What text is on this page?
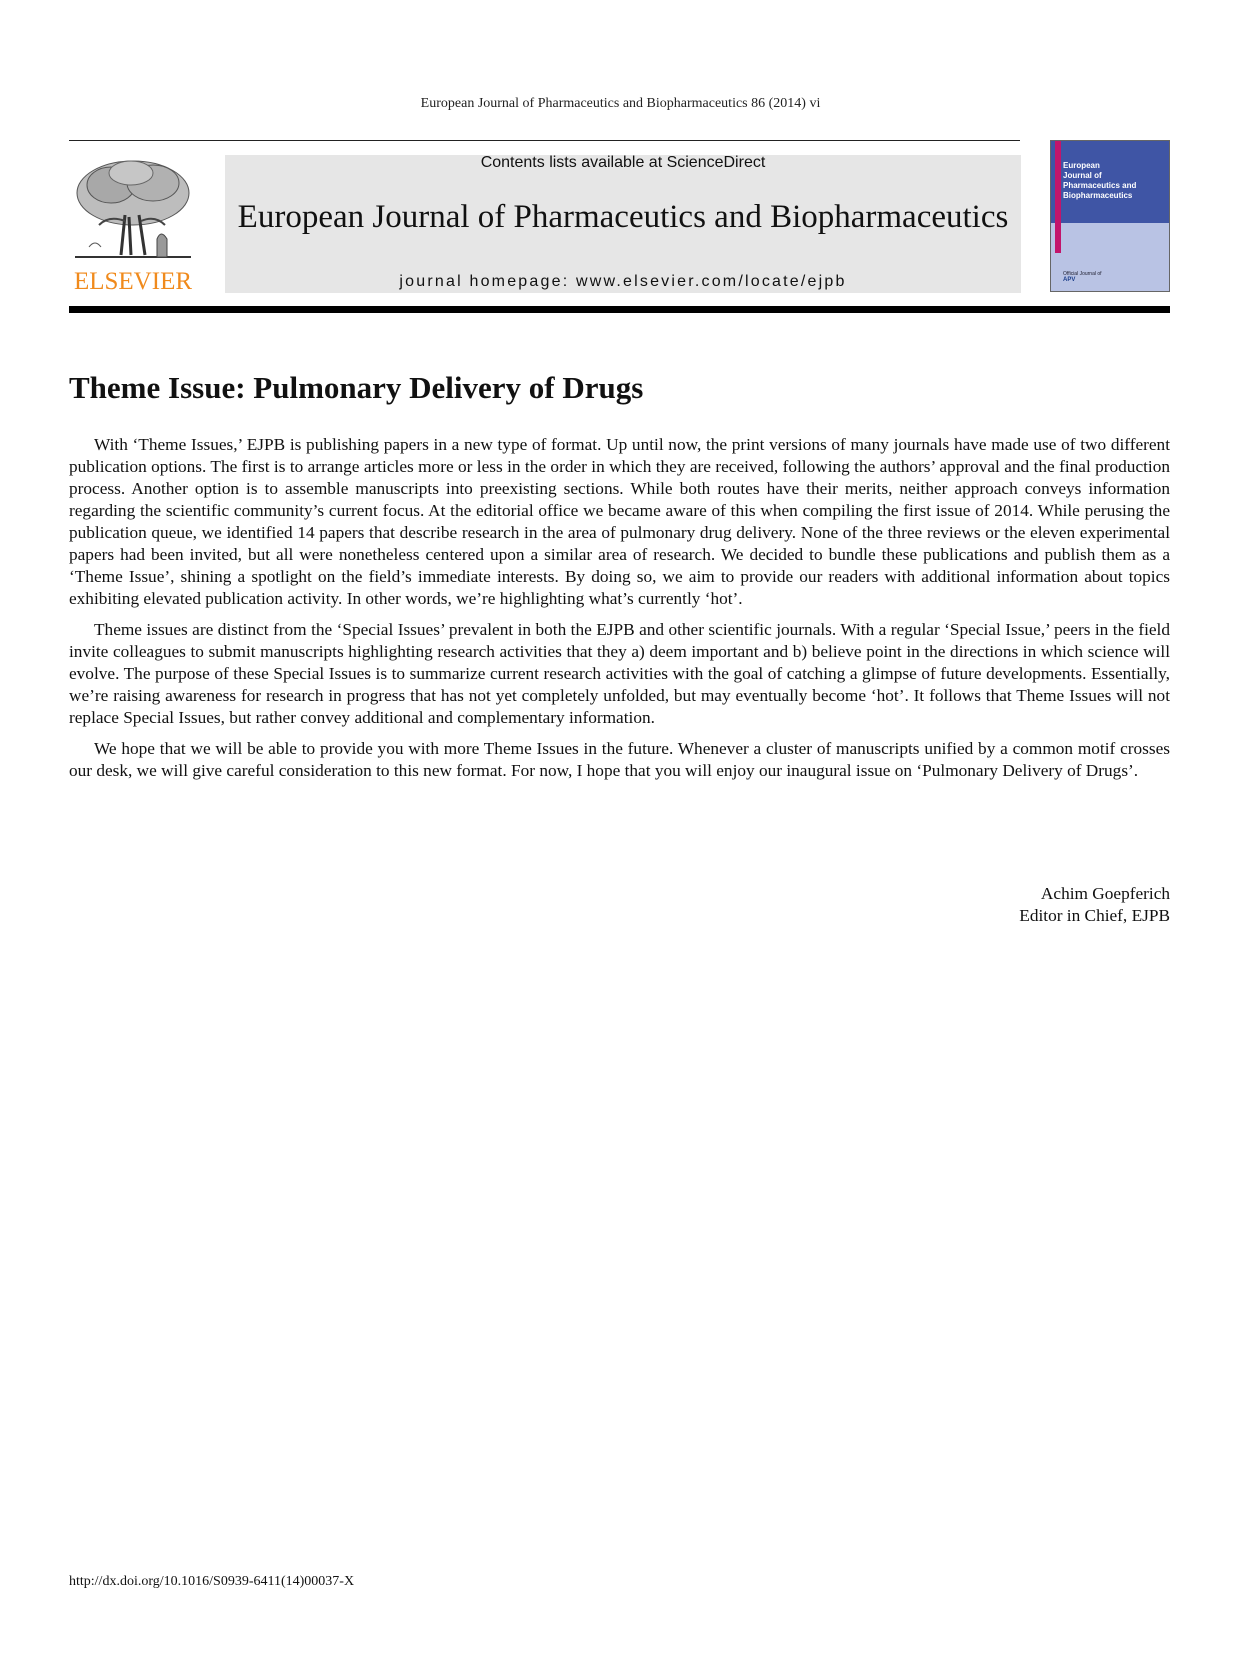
European Journal of Pharmaceutics and Biopharmaceutics 86 (2014) vi
ELSEVIER
Contents lists available at ScienceDirect
European Journal of Pharmaceutics and Biopharmaceutics
journal homepage: www.elsevier.com/locate/ejpb
European
Journal of
Pharmaceutics and
Biopharmaceutics
Official Journal of
APV
Theme Issue: Pulmonary Delivery of Drugs

With ‘Theme Issues,’ EJPB is publishing papers in a new type of format. Up until now, the print versions of many journals have made use of two different publication options. The first is to arrange articles more or less in the order in which they are received, following the authors’ approval and the final production process. Another option is to assemble manuscripts into preexisting sections. While both routes have their merits, neither approach conveys information regarding the scientific community’s current focus. At the editorial office we became aware of this when compiling the first issue of 2014. While perusing the publication queue, we identified 14 papers that describe research in the area of pulmonary drug delivery. None of the three reviews or the eleven experimental papers had been invited, but all were nonetheless centered upon a similar area of research. We decided to bundle these publications and publish them as a ‘Theme Issue’, shining a spotlight on the field’s immediate interests. By doing so, we aim to provide our readers with additional information about topics exhibiting elevated publication activity. In other words, we’re highlighting what’s currently ‘hot’.

Theme issues are distinct from the ‘Special Issues’ prevalent in both the EJPB and other scientific journals. With a regular ‘Special Issue,’ peers in the field invite colleagues to submit manuscripts highlighting research activities that they a) deem important and b) believe point in the directions in which science will evolve. The purpose of these Special Issues is to summarize current research activities with the goal of catching a glimpse of future developments. Essentially, we’re raising awareness for research in progress that has not yet completely unfolded, but may eventually become ‘hot’. It follows that Theme Issues will not replace Special Issues, but rather convey additional and complementary information.

We hope that we will be able to provide you with more Theme Issues in the future. Whenever a cluster of manuscripts unified by a common motif crosses our desk, we will give careful consideration to this new format. For now, I hope that you will enjoy our inaugural issue on ‘Pulmonary Delivery of Drugs’.

Achim Goepferich
Editor in Chief, EJPB
http://dx.doi.org/10.1016/S0939-6411(14)00037-X
